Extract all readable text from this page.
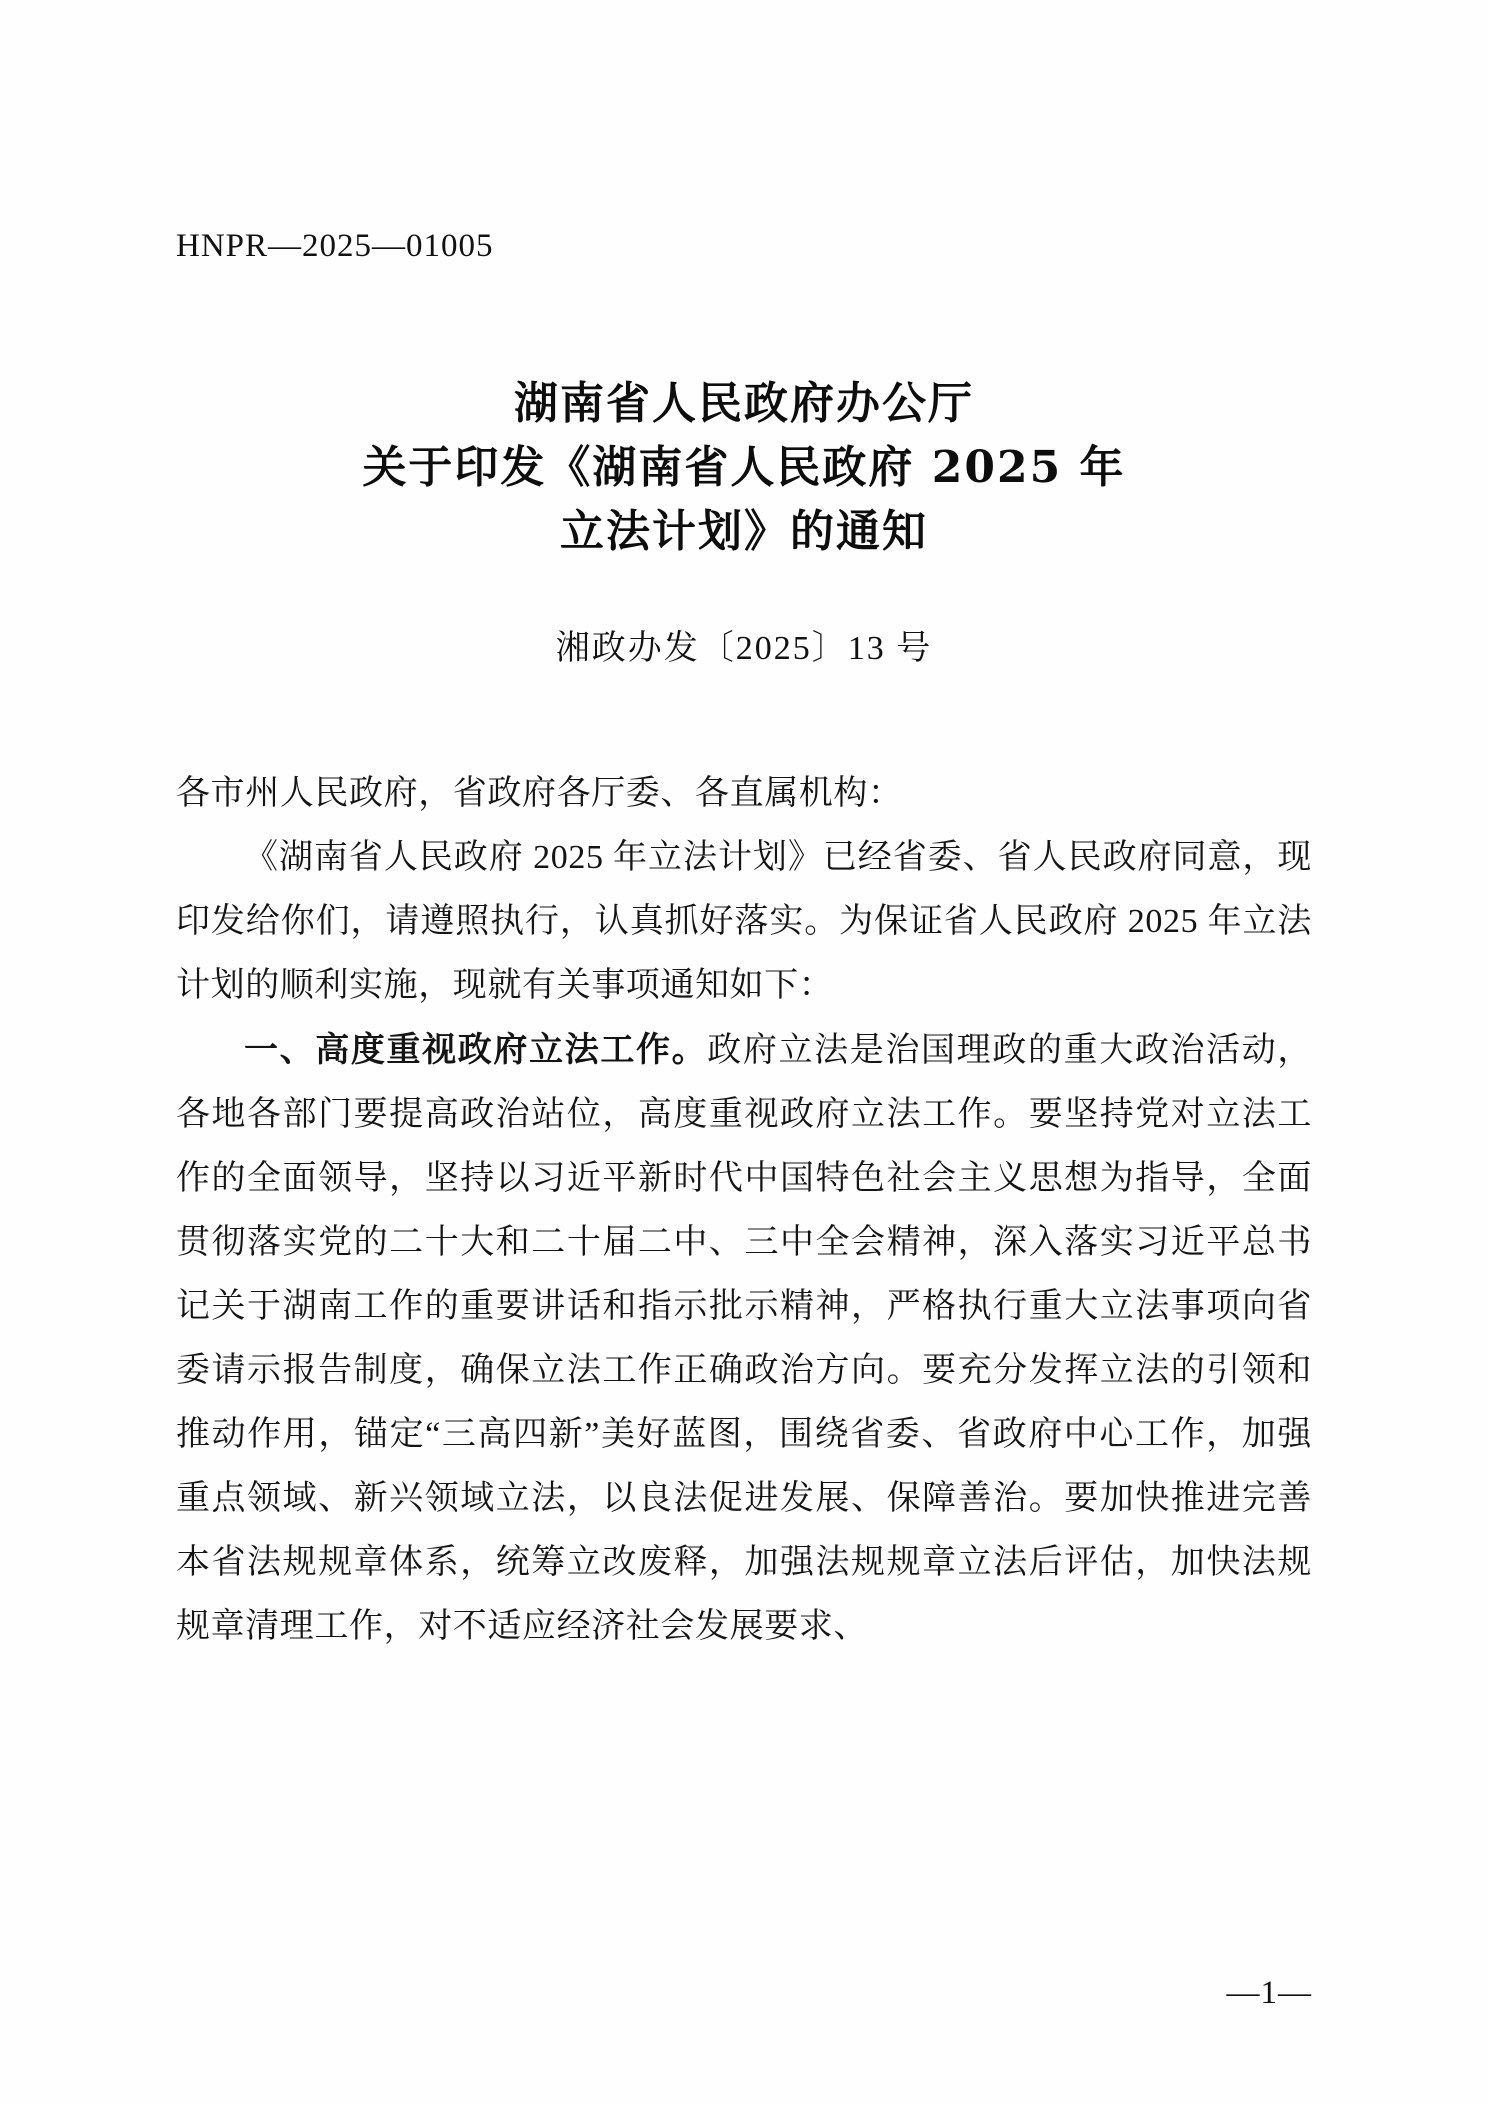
HNPR—2025—01005
湖南省人民政府办公厅
关于印发《湖南省人民政府 2025 年
立法计划》的通知
湘政办发〔2025〕13 号

各市州人民政府，省政府各厅委、各直属机构：

《湖南省人民政府 2025 年立法计划》已经省委、省人民政府同意，现印发给你们，请遵照执行，认真抓好落实。为保证省人民政府 2025 年立法计划的顺利实施，现就有关事项通知如下：

一、高度重视政府立法工作。政府立法是治国理政的重大政治活动，各地各部门要提高政治站位，高度重视政府立法工作。要坚持党对立法工作的全面领导，坚持以习近平新时代中国特色社会主义思想为指导，全面贯彻落实党的二十大和二十届二中、三中全会精神，深入落实习近平总书记关于湖南工作的重要讲话和指示批示精神，严格执行重大立法事项向省委请示报告制度，确保立法工作正确政治方向。要充分发挥立法的引领和推动作用，锚定“三高四新”美好蓝图，围绕省委、省政府中心工作，加强重点领域、新兴领域立法，以良法促进发展、保障善治。要加快推进完善本省法规规章体系，统筹立改废释，加强法规规章立法后评估，加快法规规章清理工作，对不适应经济社会发展要求、

—1—
